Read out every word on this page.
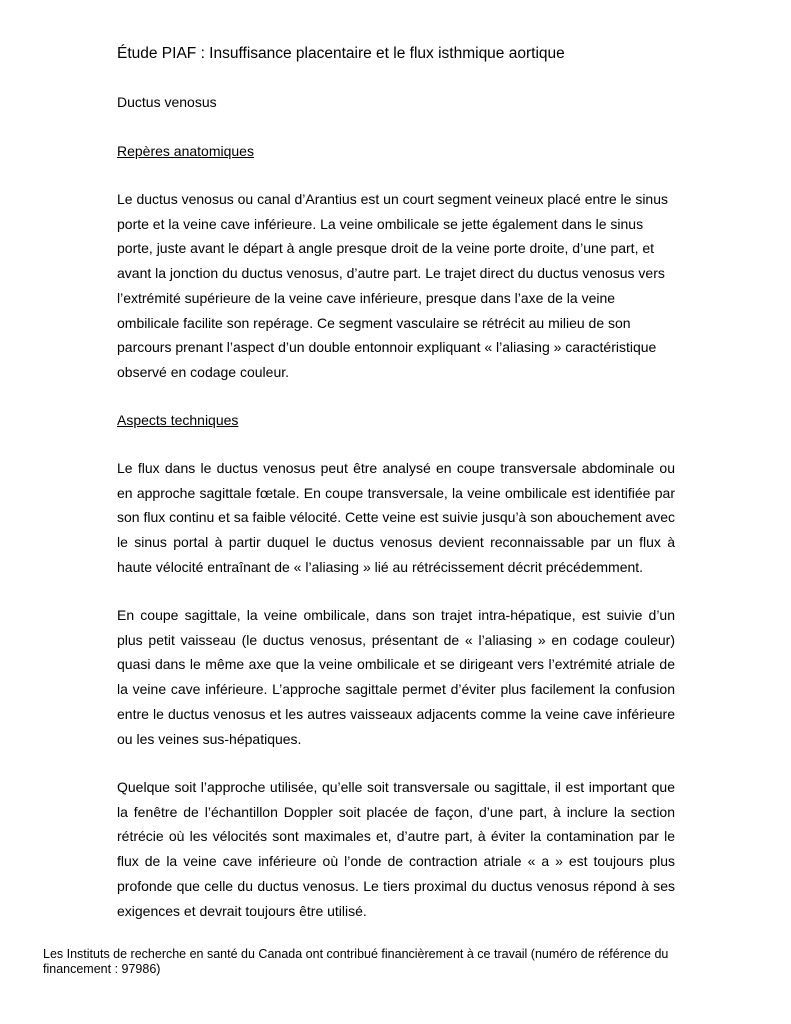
Étude PIAF : Insuffisance placentaire et le flux isthmique aortique
Ductus venosus
Repères anatomiques

Le ductus venosus ou canal d’Arantius est un court segment veineux placé entre le sinus porte et la veine cave inférieure. La veine ombilicale se jette également dans le sinus porte, juste avant le départ à angle presque droit de la veine porte droite, d’une part, et avant la jonction du ductus venosus, d’autre part. Le trajet direct du ductus venosus vers l’extrémité supérieure de la veine cave inférieure, presque dans l’axe de la veine ombilicale facilite son repérage. Ce segment vasculaire se rétrécit au milieu de son parcours prenant l’aspect d’un double entonnoir expliquant « l’aliasing » caractéristique observé en codage couleur.

Aspects techniques

Le flux dans le ductus venosus peut être analysé en coupe transversale abdominale ou en approche sagittale fœtale. En coupe transversale, la veine ombilicale est identifiée par son flux continu et sa faible vélocité. Cette veine est suivie jusqu’à son abouchement avec le sinus portal à partir duquel le ductus venosus devient reconnaissable par un flux à haute vélocité entraînant de « l’aliasing » lié au rétrécissement décrit précédemment.

En coupe sagittale, la veine ombilicale, dans son trajet intra-hépatique, est suivie d’un plus petit vaisseau (le ductus venosus, présentant de « l’aliasing » en codage couleur) quasi dans le même axe que la veine ombilicale et se dirigeant vers l’extrémité atriale de la veine cave inférieure. L’approche sagittale permet d’éviter plus facilement la confusion entre le ductus venosus et les autres vaisseaux adjacents comme la veine cave inférieure ou les veines sus-hépatiques.

Quelque soit l’approche utilisée, qu’elle soit transversale ou sagittale, il est important que la fenêtre de l’échantillon Doppler soit placée de façon, d’une part, à inclure la section rétrécie où les vélocités sont maximales et, d’autre part, à éviter la contamination par le flux de la veine cave inférieure où l’onde de contraction atriale « a » est toujours plus profonde que celle du ductus venosus. Le tiers proximal du ductus venosus répond à ses exigences et devrait toujours être utilisé.

Les Instituts de recherche en santé du Canada ont contribué financièrement à ce travail (numéro de référence du financement : 97986)
